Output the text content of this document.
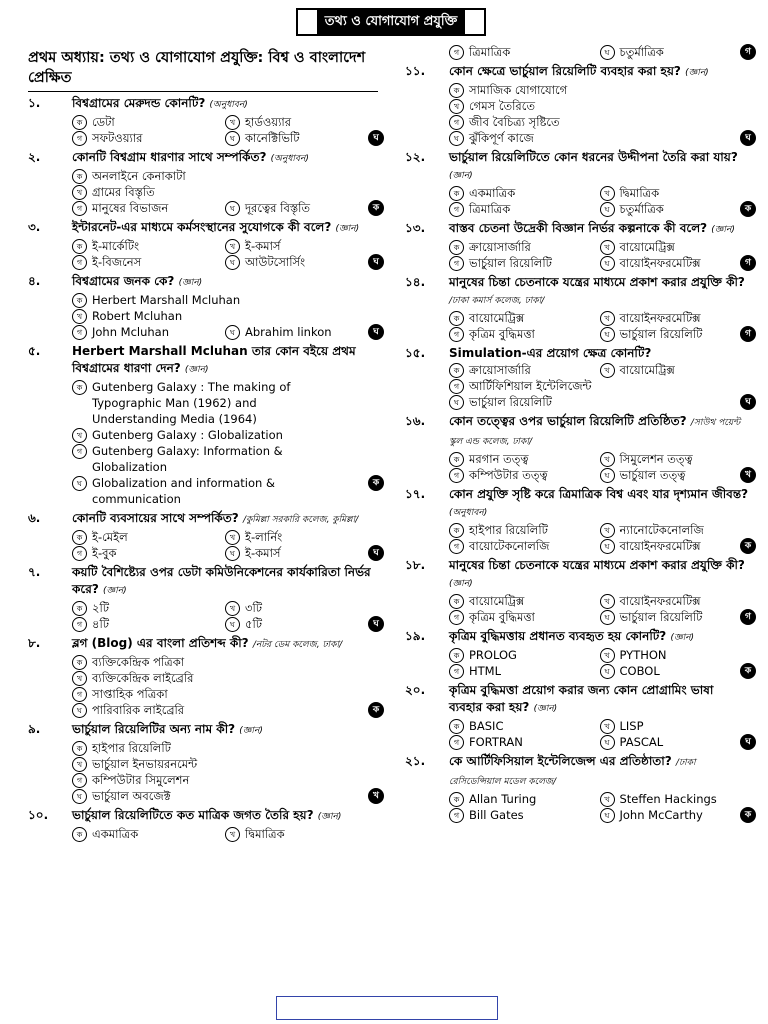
তথ্য ও যোগাযোগ প্রযুক্তি
প্রথম অধ্যায়: তথ্য ও যোগাযোগ প্রযুক্তি: বিশ্ব ও বাংলাদেশ প্রেক্ষিত
১.	বিশ্বগ্রামের মেরুদন্ড কোনটি? (অনুধাবন)
ক ডেটা	খ হার্ডওয়্যার
গ সফটওয়্যার	ঘ কানেক্টিভিটি	ঘ
২.	কোনটি বিশ্বগ্রাম ধারণার সাথে সম্পর্কিত? (অনুধাবন)
ক অনলাইনে কেনাকাটা
খ গ্রামের বিস্তৃতি
গ মানুষের বিভাজন	ঘ দূরত্বের বিস্তৃতি	ক
৩.	ইন্টারনেট-এর মাধ্যমে কর্মসংস্থানের সুযোগকে কী বলে? (জ্ঞান)
ক ই-মার্কেটিং	খ ই-কমার্স
গ ই-বিজনেস	ঘ আউটসোর্সিং	ঘ
৪.	বিশ্বগ্রামের জনক কে? (জ্ঞান)
ক Herbert Marshall Mcluhan
খ Robert Mcluhan
গ John Mcluhan	ঘ Abrahim linkon	ঘ
৫.	Herbert Marshall Mcluhan তার কোন বইয়ে প্রথম বিশ্বগ্রামের ধারণা দেন? (জ্ঞান)
ক Gutenberg Galaxy : The making of Typographic Man (1962) and Understanding Media (1964)
খ Gutenberg Galaxy : Globalization
গ Gutenberg Galaxy: Information & Globalization
ঘ Globalization and information & communication
ক
৬.	কোনটি ব্যবসায়ের সাথে সম্পর্কিত? /কুমিল্লা সরকারি কলেজ, কুমিল্লা/
ক ই-মেইল	খ ই-লার্নিং
গ ই-বুক	ঘ ই-কমার্স	ঘ
৭.	কয়টি বৈশিষ্ট্যের ওপর ডেটা কমিউনিকেশনের কার্যকারিতা নির্ভর করে? (জ্ঞান)
ক ২টি	খ ৩টি
গ ৪টি	ঘ ৫টি	ঘ
৮.	ব্লগ (Blog) এর বাংলা প্রতিশব্দ কী? /নটর ডেম কলেজ, ঢাকা/
ক ব্যক্তিকেন্দ্রিক পত্রিকা
খ ব্যক্তিকেন্দ্রিক লাইব্রেরি
গ সাপ্তাহিক পত্রিকা
ঘ পারিবারিক লাইব্রেরি	ক
৯.	ভার্চুয়াল রিয়েলিটির অন্য নাম কী? (জ্ঞান)
ক হাইপার রিয়েলিটি
খ ভার্চুয়াল ইনভায়রনমেন্ট
গ কম্পিউটার সিমুলেশন
ঘ ভার্চুয়াল অবজেক্ট	খ
১০.	ভার্চুয়াল রিয়েলিটিতে কত মাত্রিক জগত তৈরি হয়? (জ্ঞান)
ক একমাত্রিক	খ দ্বিমাত্রিক
গ ত্রিমাত্রিক	ঘ চতুর্মাত্রিক	গ
১১.	কোন ক্ষেত্রে ভার্চুয়াল রিয়েলিটি ব্যবহার করা হয়? (জ্ঞান)
ক সামাজিক যোগাযোগে
খ গেমস তৈরিতে
গ জীব বৈচিত্র্য সৃষ্টিতে
ঘ ঝুঁকিপূর্ণ কাজে	ঘ
১২.	ভার্চুয়াল রিয়েলিটিতে কোন ধরনের উদ্দীপনা তৈরি করা যায়? (জ্ঞান)
ক একমাত্রিক	খ দ্বিমাত্রিক
গ ত্রিমাত্রিক	ঘ চতুর্মাত্রিক	ক
১৩.	বাস্তব চেতনা উদ্রেকী বিজ্ঞান নির্ভর কল্পনাকে কী বলে? (জ্ঞান)
ক ক্রায়োসার্জারি	খ বায়োমেট্রিক্স
গ ভার্চুয়াল রিয়েলিটি	ঘ বায়োইনফরমেটিক্স	গ
১৪.	মানুষের চিন্তা চেতনাকে যন্ত্রের মাধ্যমে প্রকাশ করার প্রযুক্তি কী? /ঢাকা কমার্স কলেজ, ঢাকা/
ক বায়োমেট্রিক্স	খ বায়োইনফরমেটিক্স
গ কৃত্রিম বুদ্ধিমত্তা	ঘ ভার্চুয়াল রিয়েলিটি	গ
১৫.	Simulation-এর প্রয়োগ ক্ষেত্র কোনটি?
ক ক্রায়োসার্জারি	খ বায়োমেট্রিক্স
গ আর্টিফিশিয়াল ইন্টেলিজেন্ট
ঘ ভার্চুয়াল রিয়েলিটি	ঘ
১৬.	কোন তত্ত্বের ওপর ভার্চুয়াল রিয়েলিটি প্রতিষ্ঠিত? /সাউথ পয়েন্ট স্কুল এন্ড কলেজ, ঢাকা/
ক মরগান তত্ত্ব	খ সিমুলেশন তত্ত্ব
গ কম্পিউটার তত্ত্ব	ঘ ভার্চুয়াল তত্ত্ব	খ
১৭.	কোন প্রযুক্তি সৃষ্টি করে ত্রিমাত্রিক বিশ্ব এবং যার দৃশ্যমান জীবন্ত? (অনুধাবন)
ক হাইপার রিয়েলিটি	খ ন্যানোটেকনোলজি
গ বায়োটেকনোলজি	ঘ বায়োইনফরমেটিক্স	ক
১৮.	মানুষের চিন্তা চেতনাকে যন্ত্রের মাধ্যমে প্রকাশ করার প্রযুক্তি কী? (জ্ঞান)
ক বায়োমেট্রিক্স	খ বায়োইনফরমেটিক্স
গ কৃত্রিম বুদ্ধিমত্তা	ঘ ভার্চুয়াল রিয়েলিটি	গ
১৯.	কৃত্রিম বুদ্ধিমত্তায় প্রধানত ব্যবহৃত হয় কোনটি? (জ্ঞান)
ক PROLOG	খ PYTHON
গ HTML	ঘ COBOL	ক
২০.	কৃত্রিম বুদ্ধিমত্তা প্রয়োগ করার জন্য কোন প্রোগ্রামিং ভাষা ব্যবহার করা হয়? (জ্ঞান)
ক BASIC	খ LISP
গ FORTRAN	ঘ PASCAL	ঘ
২১.	কে আর্টিফিসিয়াল ইন্টেলিজেন্স এর প্রতিষ্ঠাতা? /ঢাকা রেসিডেন্সিয়াল মডেল কলেজ/
ক Allan Turing	খ Steffen Hackings
গ Bill Gates	ঘ John McCarthy	ক
